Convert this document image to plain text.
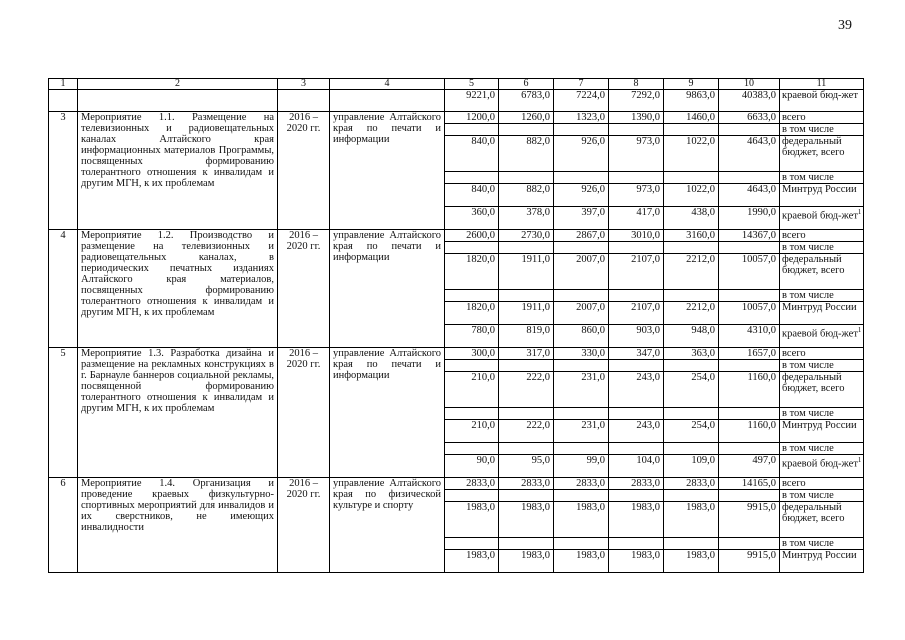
39
1	2	3	4	5	6	7	8	9	10	11
				9221,0	6783,0	7224,0	7292,0	9863,0	40383,0	краевой бюд-жет
3	Мероприятие 1.1. Размещение на телевизионных и радиовещательных каналах Алтайского края информационных материалов Программы, посвященных формированию толерантного отношения к инвалидам и другим МГН, к их проблемам	2016 – 2020 гг.	управление Алтайского края по печати и информации	1200,0	1260,0	1323,0	1390,0	1460,0	6633,0	всего
										в том числе
				840,0	882,0	926,0	973,0	1022,0	4643,0	федеральный бюджет, всего
										в том числе
				840,0	882,0	926,0	973,0	1022,0	4643,0	Минтруд России
				360,0	378,0	397,0	417,0	438,0	1990,0	краевой бюд-жет$^1$
4	Мероприятие 1.2. Производство и размещение на телевизионных и радиовещательных каналах, в периодических печатных изданиях Алтайского края материалов, посвященных формированию толерантного отношения к инвалидам и другим МГН, к их проблемам	2016 – 2020 гг.	управление Алтайского края по печати и информации	2600,0	2730,0	2867,0	3010,0	3160,0	14367,0	всего
										в том числе
				1820,0	1911,0	2007,0	2107,0	2212,0	10057,0	федеральный бюджет, всего
										в том числе
				1820,0	1911,0	2007,0	2107,0	2212,0	10057,0	Минтруд России
				780,0	819,0	860,0	903,0	948,0	4310,0	краевой бюд-жет$^1$
5	Мероприятие 1.3. Разработка дизайна и размещение на рекламных конструкциях в г. Барнауле баннеров социальной рекламы, посвященной формированию толерантного отношения к инвалидам и другим МГН, к их проблемам	2016 – 2020 гг.	управление Алтайского края по печати и информации	300,0	317,0	330,0	347,0	363,0	1657,0	всего
										в том числе
				210,0	222,0	231,0	243,0	254,0	1160,0	федеральный бюджет, всего
										в том числе
				210,0	222,0	231,0	243,0	254,0	1160,0	Минтруд России
										в том числе
				90,0	95,0	99,0	104,0	109,0	497,0	краевой бюд-жет$^1$
6	Мероприятие 1.4. Организация и проведение краевых физкультурно-спортивных мероприятий для инвалидов и их сверстников, не имеющих инвалидности	2016 – 2020 гг.	управление Алтайского края по физической культуре и спорту	2833,0	2833,0	2833,0	2833,0	2833,0	14165,0	всего
										в том числе
				1983,0	1983,0	1983,0	1983,0	1983,0	9915,0	федеральный бюджет, всего
										в том числе
				1983,0	1983,0	1983,0	1983,0	1983,0	9915,0	Минтруд России
